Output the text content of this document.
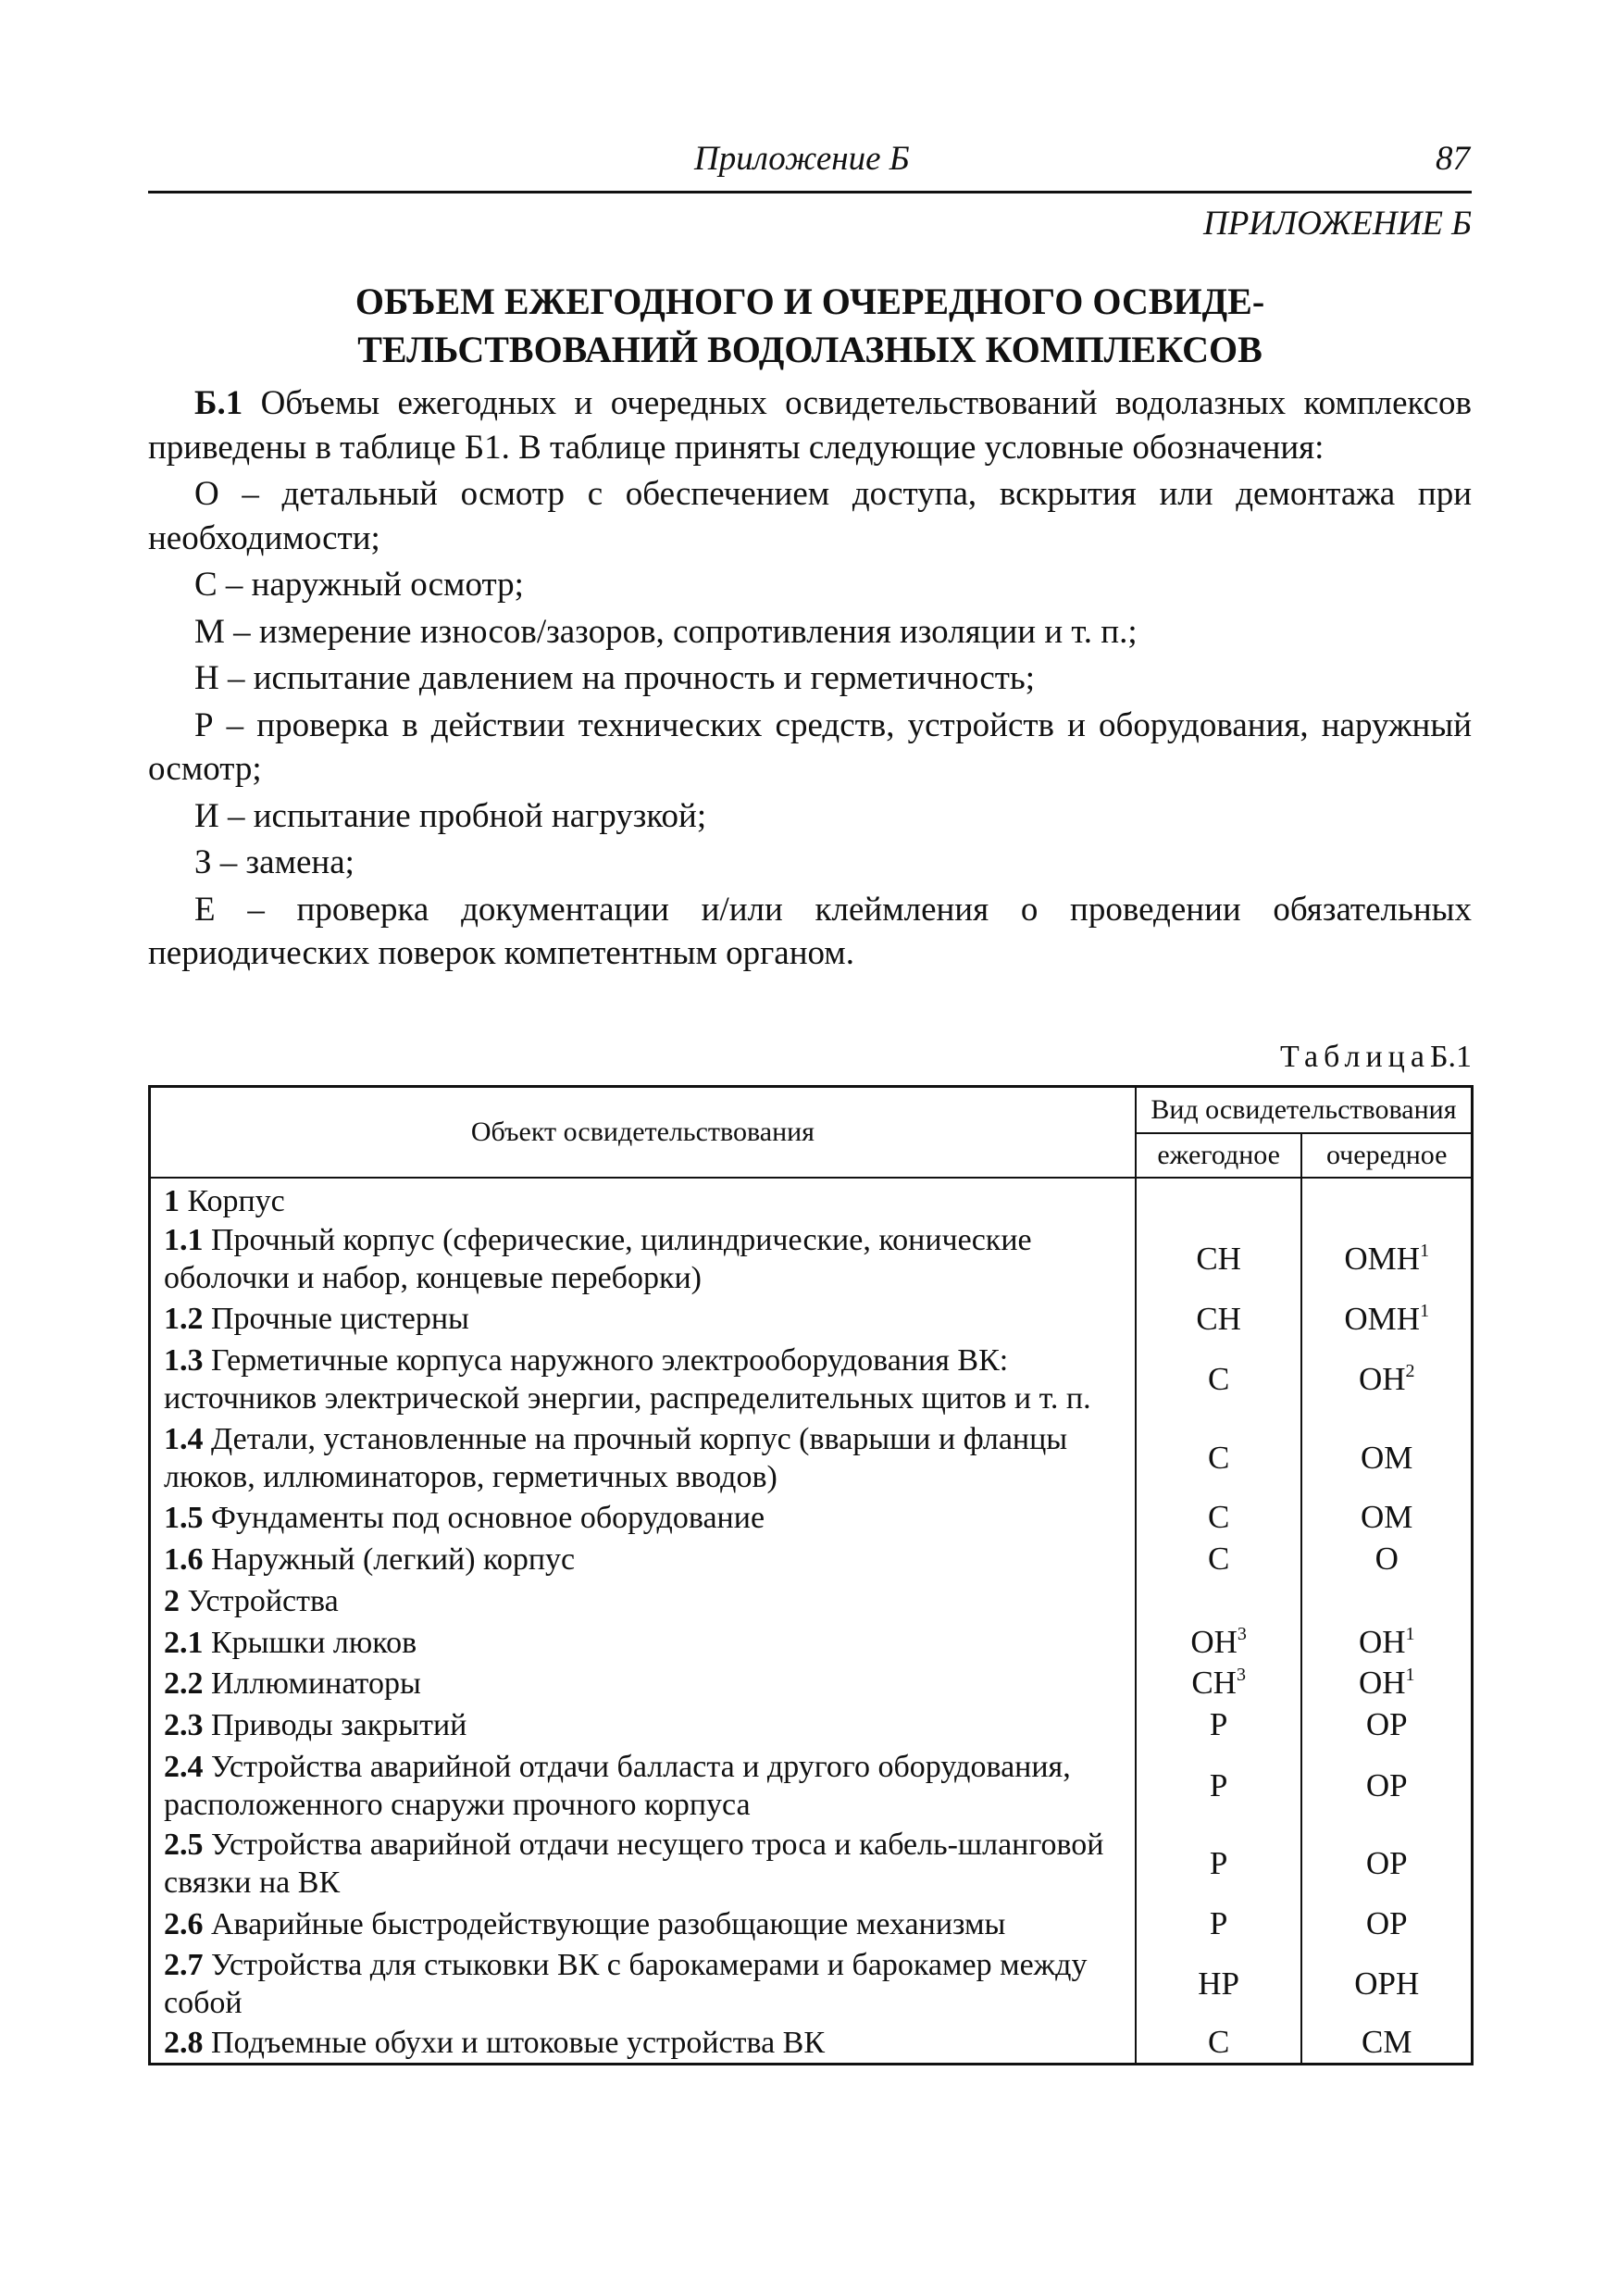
Приложение Б	87
ПРИЛОЖЕНИЕ Б
ОБЪЕМ ЕЖЕГОДНОГО И ОЧЕРЕДНОГО ОСВИДЕ-
ТЕЛЬСТВОВАНИЙ ВОДОЛАЗНЫХ КОМПЛЕКСОВ

Б.1 Объемы ежегодных и очередных освидетельствований водолазных комплексов приведены в таблице Б1. В таблице приняты следующие условные обозначения:

О – детальный осмотр с обеспечением доступа, вскрытия или демонтажа при необходимости;

С – наружный осмотр;

М – измерение износов/зазоров, сопротивления изоляции и т. п.;

Н – испытание давлением на прочность и герметичность;

Р – проверка в действии технических средств, устройств и оборудования, наружный осмотр;

И – испытание пробной нагрузкой;

З – замена;

Е – проверка документации и/или клеймления о проведении обязательных периодических поверок компетентным органом.

ТаблицаБ.1
Объект освидетельствования	Вид освидетельствования	
	ежегодное	очередное
1 Корпус		
1.1 Прочный корпус (сферические, цилиндрические, коничеcкие оболочки и набор, концевые переборки)	СН	ОМН$^1$
1.2 Прочные цистерны	СН	ОМН$^1$
1.3 Герметичные корпуса наружного электрооборудования ВК: источников электрической энергии, распределительных щитов и т. п.	С	$ОН^2$
1.4 Детали, установленные на прочный корпус (вварыши и фланцы люков, иллюминаторов, герметичных вводов)	С	ОМ
1.5 Фундаменты под основное оборудование	С	ОМ
1.6 Наружный (легкий) корпус	С	О
2 Устройства		
2.1 Крышки люков	$ОН^3$	$ОН^1$
2.2 Иллюминаторы	$СН^3$	$ОН^1$
2.3 Приводы закрытий	Р	ОР
2.4 Устройства аварийной отдачи балласта и другого оборудования, расположенного снаружи прочного корпуса	Р	ОР
2.5 Устройства аварийной отдачи несущего троса и кабель-шланговой связки на ВК	Р	ОР
2.6 Аварийные быстродействующие разобщающие механизмы	Р	ОР
2.7 Устройства для стыковки ВК с барокамерами и барокамер между собой	НР	ОРН
2.8 Подъемные обухи и штоковые устройства ВК	С	СМ
